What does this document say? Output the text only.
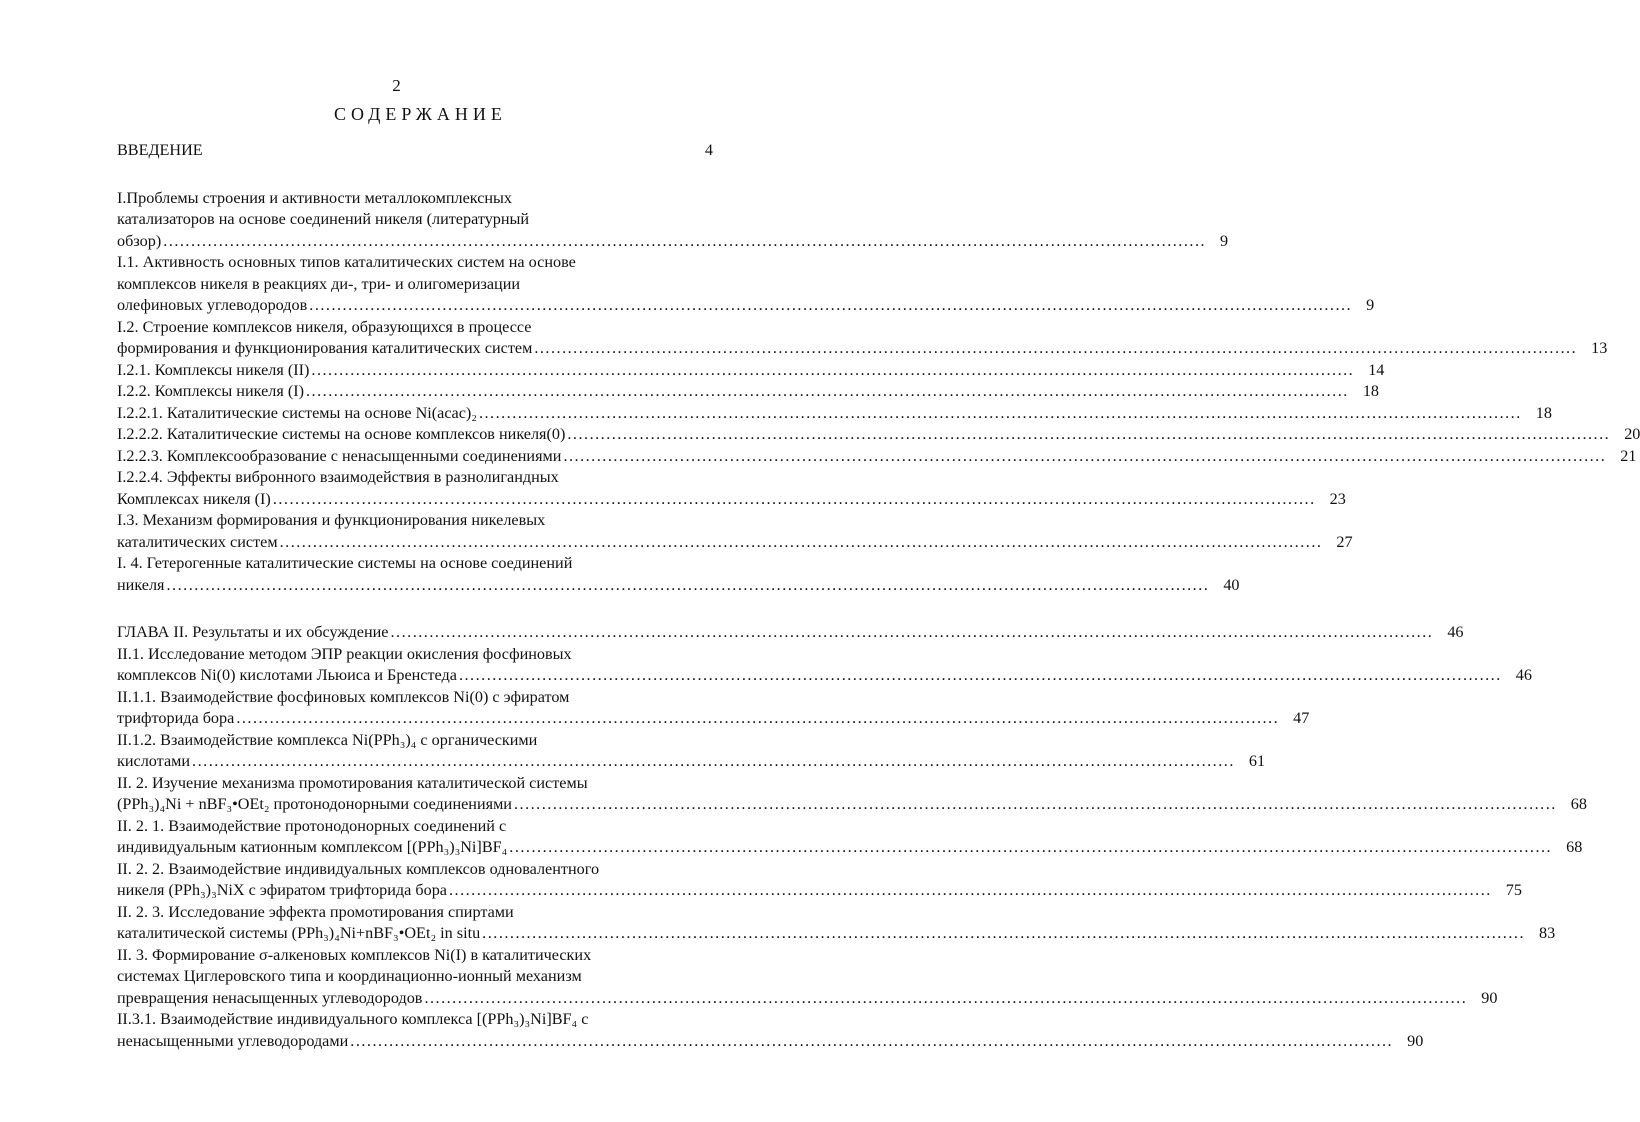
2
СОДЕРЖАНИЕ
ВВЕДЕНИЕ	4
I.Проблемы строения и активности металлокомплексных
катализаторов на основе соединений никеля (литературный
обзор) .....	9
I.1. Активность основных типов каталитических систем на основе
комплексов никеля в реакциях ди-, три- и олигомеризации
олефиновых углеводородов .....	9
I.2. Строение комплексов никеля, образующихся в процессе
формирования и функционирования каталитических систем .....	13
I.2.1. Комплексы никеля (II) .....	14
I.2.2. Комплексы никеля (I) .....	18
I.2.2.1. Каталитические системы на основе Ni(acac)₂ .....	18
I.2.2.2. Каталитические системы на основе комплексов никеля(0) .....	20
I.2.2.3. Комплексообразование с ненасыщенными соединениями .....	21
I.2.2.4. Эффекты вибронного взаимодействия в разнолигандных
Комплексах никеля (I) .....	23
I.3. Механизм формирования и функционирования никелевых
каталитических систем .....	27
I. 4. Гетерогенные каталитические системы на основе соединений
никеля .....	40
ГЛАВА II. Результаты и их обсуждение .....	46
II.1. Исследование методом ЭПР реакции окисления фосфиновых
комплексов Ni(0) кислотами Льюиса и Бренстеда .....	46
II.1.1. Взаимодействие фосфиновых комплексов Ni(0) с эфиратом
трифторида бора .....	47
II.1.2. Взаимодействие комплекса Ni(PPh₃)₄ с органическими
кислотами .....	61
II. 2. Изучение механизма промотирования каталитической системы
(PPh₃)₄Ni + nBF₃•OEt₂ протонодонорными соединениями .....	68
II. 2. 1. Взаимодействие протонодонорных соединений с
индивидуальным катионным комплексом [(PPh₃)₃Ni]BF₄ .....	68
II. 2. 2. Взаимодействие индивидуальных комплексов одновалентного
никеля (PPh₃)₃NiX с эфиратом трифторида бора .....	75
II. 2. 3. Исследование эффекта промотирования спиртами
каталитической системы (PPh₃)₄Ni+nBF₃•OEt₂ in situ .....	83
II. 3. Формирование σ-алкеновых комплексов Ni(I) в каталитических
системах Циглеровского типа и координационно-ионный механизм
превращения ненасыщенных углеводородов .....	90
II.3.1. Взаимодействие индивидуального комплекса [(PPh₃)₃Ni]BF₄ с
ненасыщенными углеводородами .....	90
